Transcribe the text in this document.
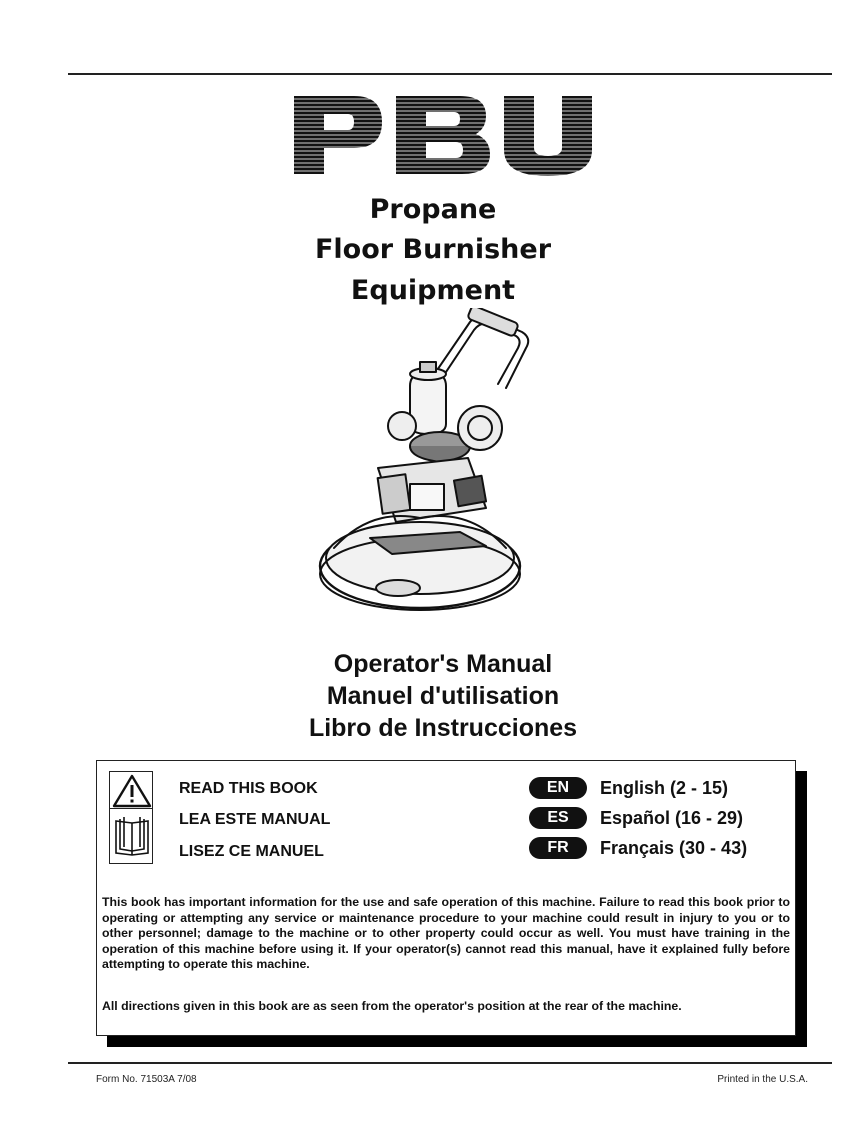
Propane
Floor Burnisher
Equipment
Operator's Manual
Manuel d'utilisation
Libro de Instrucciones
READ THIS BOOK
LEA ESTE MANUAL
LISEZ CE MANUEL
EN
ES
FR
English (2 - 15)
Español (16 - 29)
Français (30 - 43)

This book has important information for the use and safe operation of this machine. Failure to read this book prior to operating or attempting any service or maintenance procedure to your machine could result in injury to you or to other personnel; damage to the machine or to other property could occur as well. You must have training in the operation of this machine before using it. If your operator(s) cannot read this manual, have it explained fully before attempting to operate this machine.

All directions given in this book are as seen from the operator's position at the rear of the machine.

Form No. 71503A 7/08	Printed in the U.S.A.
